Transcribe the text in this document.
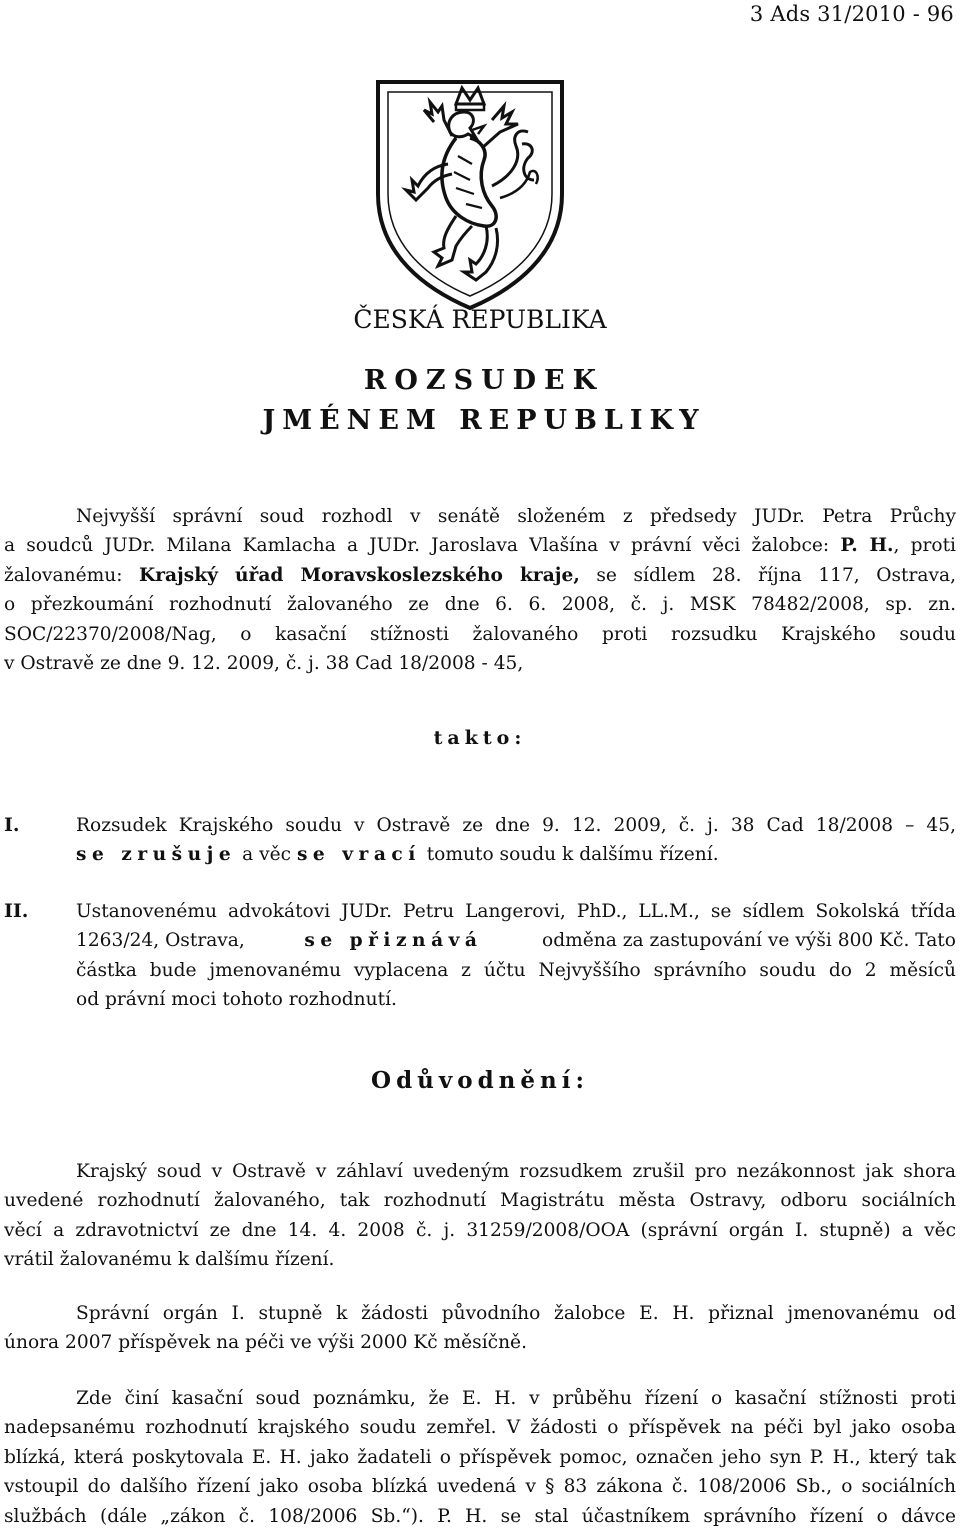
3 Ads 31/2010 - 96
ČESKÁ REPUBLIKA
ROZSUDEK
JMÉNEM REPUBLIKY
Nejvyšší správní soud rozhodl v senátě složeném z předsedy JUDr. Petra Průchy
a soudců JUDr. Milana Kamlacha a JUDr. Jaroslava Vlašína v právní věci žalobce: P. H., proti
žalovanému: Krajský úřad Moravskoslezského kraje, se sídlem 28. října 117, Ostrava,
o přezkoumání rozhodnutí žalovaného ze dne 6. 6. 2008, č. j. MSK 78482/2008, sp. zn.
SOC/22370/2008/Nag, o kasační stížnosti žalovaného proti rozsudku Krajského soudu
v Ostravě ze dne 9. 12. 2009, č. j. 38 Cad 18/2008 - 45,
takto:
I.	Rozsudek Krajského soudu v Ostravě ze dne 9. 12. 2009, č. j. 38 Cad 18/2008 – 45,
se zrušuje a věc se vrací tomuto soudu k dalšímu řízení.
II.	Ustanovenému advokátovi JUDr. Petru Langerovi, PhD., LL.M., se sídlem Sokolská třída
1263/24, Ostrava,	se přiznává	odměna za zastupování ve výši 800 Kč. Tato
částka bude jmenovanému vyplacena z účtu Nejvyššího správního soudu do 2 měsíců
od právní moci tohoto rozhodnutí.
Odůvodnění:
Krajský soud v Ostravě v záhlaví uvedeným rozsudkem zrušil pro nezákonnost jak shora
uvedené rozhodnutí žalovaného, tak rozhodnutí Magistrátu města Ostravy, odboru sociálních
věcí a zdravotnictví ze dne 14. 4. 2008 č. j. 31259/2008/OOA (správní orgán I. stupně) a věc
vrátil žalovanému k dalšímu řízení.
Správní orgán I. stupně k žádosti původního žalobce E. H. přiznal jmenovanému od
února 2007 příspěvek na péči ve výši 2000 Kč měsíčně.
Zde činí kasační soud poznámku, že E. H. v průběhu řízení o kasační stížnosti proti
nadepsanému rozhodnutí krajského soudu zemřel. V žádosti o příspěvek na péči byl jako osoba
blízká, která poskytovala E. H. jako žadateli o příspěvek pomoc, označen jeho syn P. H., který tak
vstoupil do dalšího řízení jako osoba blízká uvedená v § 83 zákona č. 108/2006 Sb., o sociálních
službách (dále „zákon č. 108/2006 Sb.“). P. H. se stal účastníkem správního řízení o dávce
